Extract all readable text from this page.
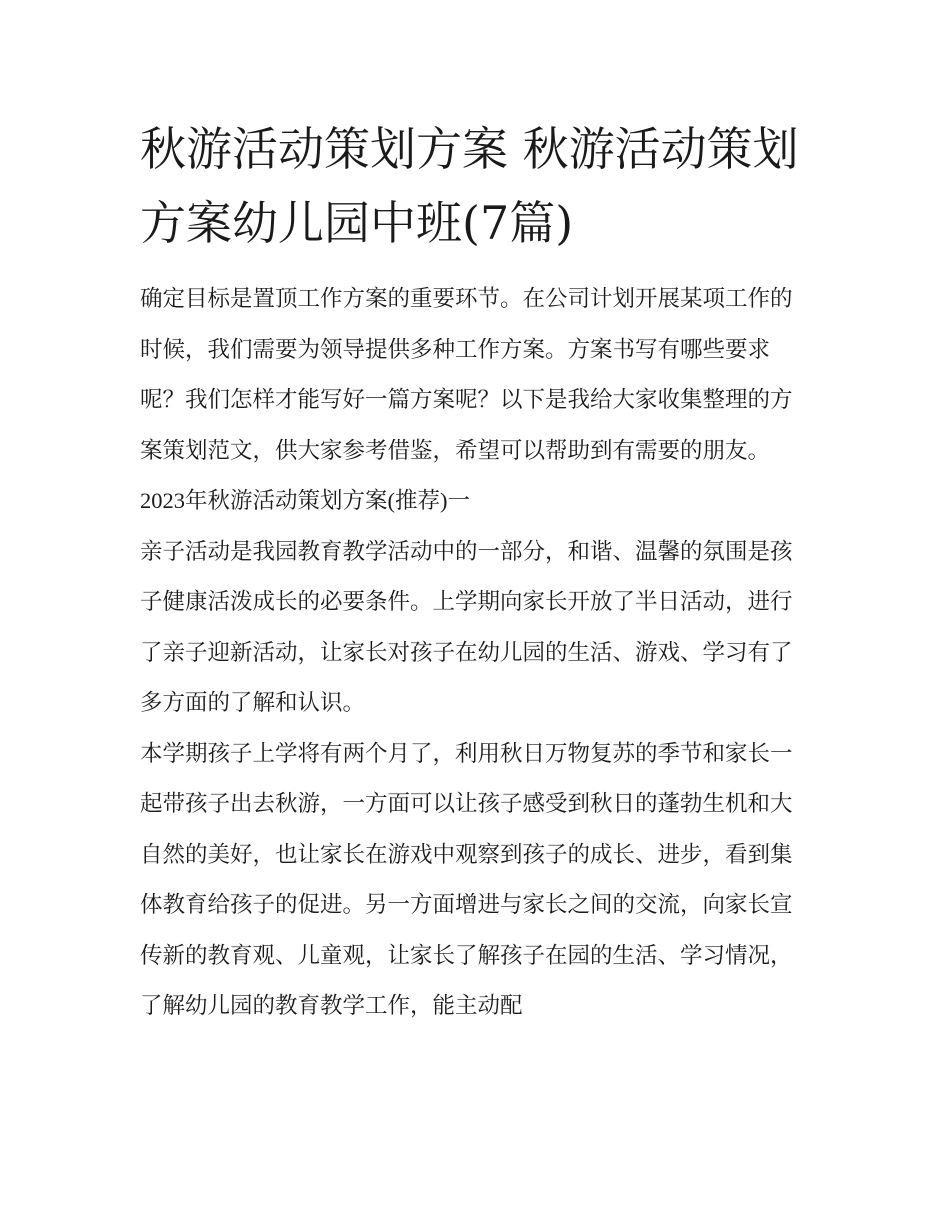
秋游活动策划方案 秋游活动策划方案幼儿园中班(7篇)

确定目标是置顶工作方案的重要环节。在公司计划开展某项工作的时候，我们需要为领导提供多种工作方案。方案书写有哪些要求呢？我们怎样才能写好一篇方案呢？以下是我给大家收集整理的方案策划范文，供大家参考借鉴，希望可以帮助到有需要的朋友。

2023年秋游活动策划方案(推荐)一

亲子活动是我园教育教学活动中的一部分，和谐、温馨的氛围是孩子健康活泼成长的必要条件。上学期向家长开放了半日活动，进行了亲子迎新活动，让家长对孩子在幼儿园的生活、游戏、学习有了多方面的了解和认识。

本学期孩子上学将有两个月了，利用秋日万物复苏的季节和家长一起带孩子出去秋游，一方面可以让孩子感受到秋日的蓬勃生机和大自然的美好，也让家长在游戏中观察到孩子的成长、进步，看到集体教育给孩子的促进。另一方面增进与家长之间的交流，向家长宣传新的教育观、儿童观，让家长了解孩子在园的生活、学习情况，了解幼儿园的教育教学工作，能主动配
